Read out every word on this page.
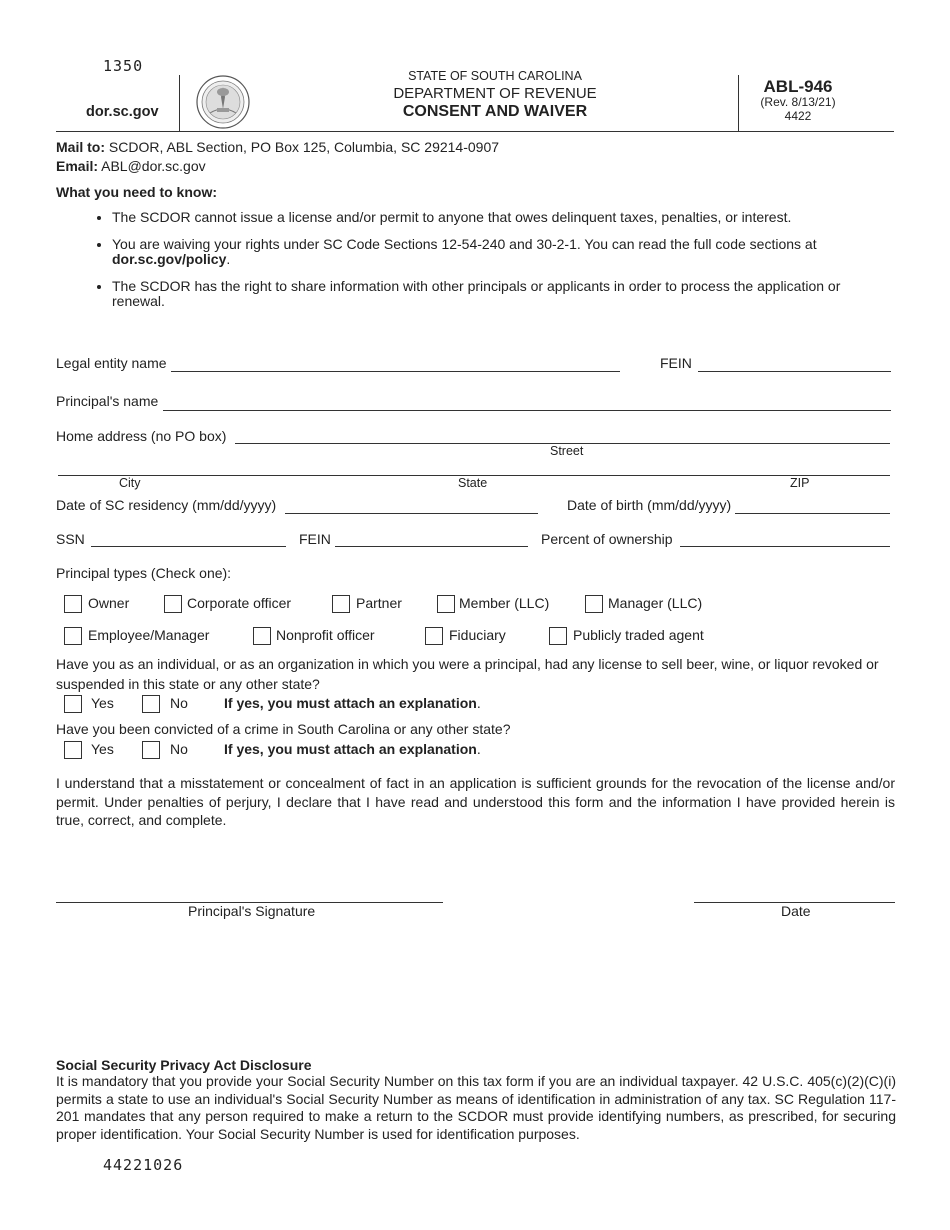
1350
dor.sc.gov
STATE OF SOUTH CAROLINA
DEPARTMENT OF REVENUE
CONSENT AND WAIVER
ABL-946
(Rev. 8/13/21)
4422
Mail to: SCDOR, ABL Section, PO Box 125, Columbia, SC 29214-0907
Email: ABL@dor.sc.gov
What you need to know:
• The SCDOR cannot issue a license and/or permit to anyone that owes delinquent taxes, penalties, or interest.
• You are waiving your rights under SC Code Sections 12-54-240 and 30-2-1. You can read the full code sections at dor.sc.gov/policy.
• The SCDOR has the right to share information with other principals or applicants in order to process the application or renewal.
Legal entity name	FEIN
Principal's name
Home address (no PO box)
Street
City	State	ZIP
Date of SC residency (mm/dd/yyyy)	Date of birth (mm/dd/yyyy)
SSN	FEIN	Percent of ownership
Principal types (Check one):
Owner	Corporate officer	Partner	Member (LLC)	Manager (LLC)
Employee/Manager	Nonprofit officer	Fiduciary	Publicly traded agent
Have you as an individual, or as an organization in which you were a principal, had any license to sell beer, wine, or liquor revoked or suspended in this state or any other state?
Yes	No	If yes, you must attach an explanation.
Have you been convicted of a crime in South Carolina or any other state?
Yes	No	If yes, you must attach an explanation.
I understand that a misstatement or concealment of fact in an application is sufficient grounds for the revocation of the license and/or permit. Under penalties of perjury, I declare that I have read and understood this form and the information I have provided herein is true, correct, and complete.
Principal's Signature	Date
Social Security Privacy Act Disclosure
It is mandatory that you provide your Social Security Number on this tax form if you are an individual taxpayer. 42 U.S.C. 405(c)(2)(C)(i) permits a state to use an individual's Social Security Number as means of identification in administration of any tax. SC Regulation 117-201 mandates that any person required to make a return to the SCDOR must provide identifying numbers, as prescribed, for securing proper identification. Your Social Security Number is used for identification purposes.
44221026
